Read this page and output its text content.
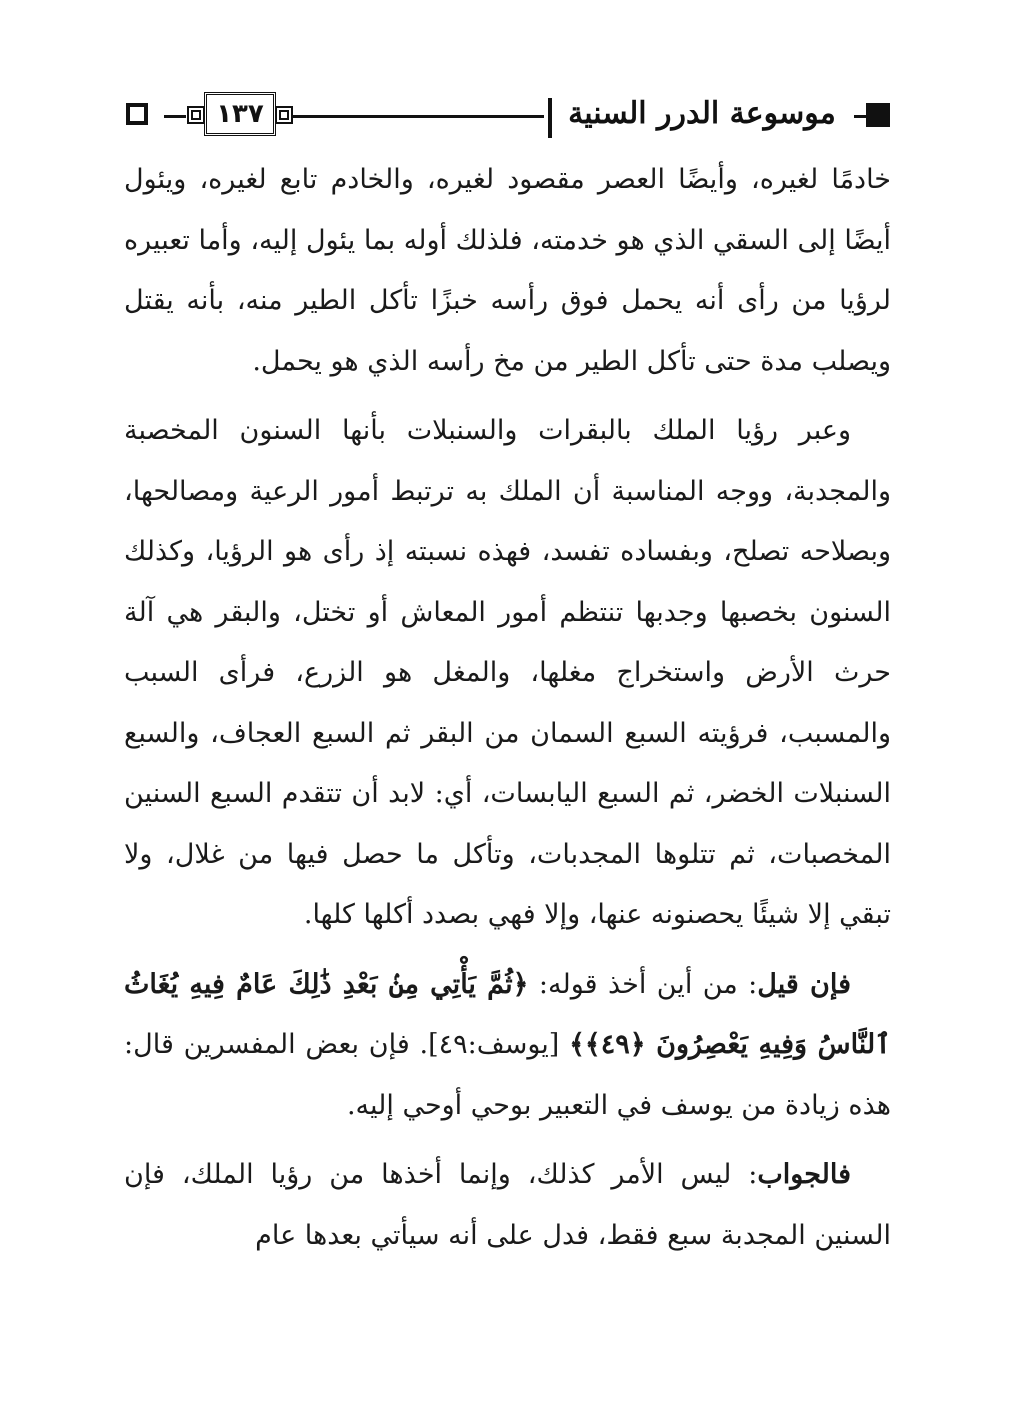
١٣٧	موسوعة الدرر السنية

خادمًا لغيره، وأيضًا العصر مقصود لغيره، والخادم تابع لغيره، ويئول أيضًا إلى السقي الذي هو خدمته، فلذلك أوله بما يئول إليه، وأما تعبيره لرؤيا من رأى أنه يحمل فوق رأسه خبزًا تأكل الطير منه، بأنه يقتل ويصلب مدة حتى تأكل الطير من مخ رأسه الذي هو يحمل.

وعبر رؤيا الملك بالبقرات والسنبلات بأنها السنون المخصبة والمجدبة، ووجه المناسبة أن الملك به ترتبط أمور الرعية ومصالحها، وبصلاحه تصلح، وبفساده تفسد، فهذه نسبته إذ رأى هو الرؤيا، وكذلك السنون بخصبها وجدبها تنتظم أمور المعاش أو تختل، والبقر هي آلة حرث الأرض واستخراج مغلها، والمغل هو الزرع، فرأى السبب والمسبب، فرؤيته السبع السمان من البقر ثم السبع العجاف، والسبع السنبلات الخضر، ثم السبع اليابسات، أي: لابد أن تتقدم السبع السنين المخصبات، ثم تتلوها المجدبات، وتأكل ما حصل فيها من غلال، ولا تبقي إلا شيئًا يحصنونه عنها، وإلا فهي بصدد أكلها كلها.

فإن قيل: من أين أخذ قوله: ﴿ثُمَّ يَأْتِي مِنۢ بَعْدِ ذَٰلِكَ عَامٌ فِيهِ يُغَاثُ ٱلنَّاسُ وَفِيهِ يَعْصِرُونَ ﴿٤٩﴾﴾ [يوسف:٤٩]. فإن بعض المفسرين قال: هذه زيادة من يوسف في التعبير بوحي أوحي إليه.

فالجواب: ليس الأمر كذلك، وإنما أخذها من رؤيا الملك، فإن السنين المجدبة سبع فقط، فدل على أنه سيأتي بعدها عام
